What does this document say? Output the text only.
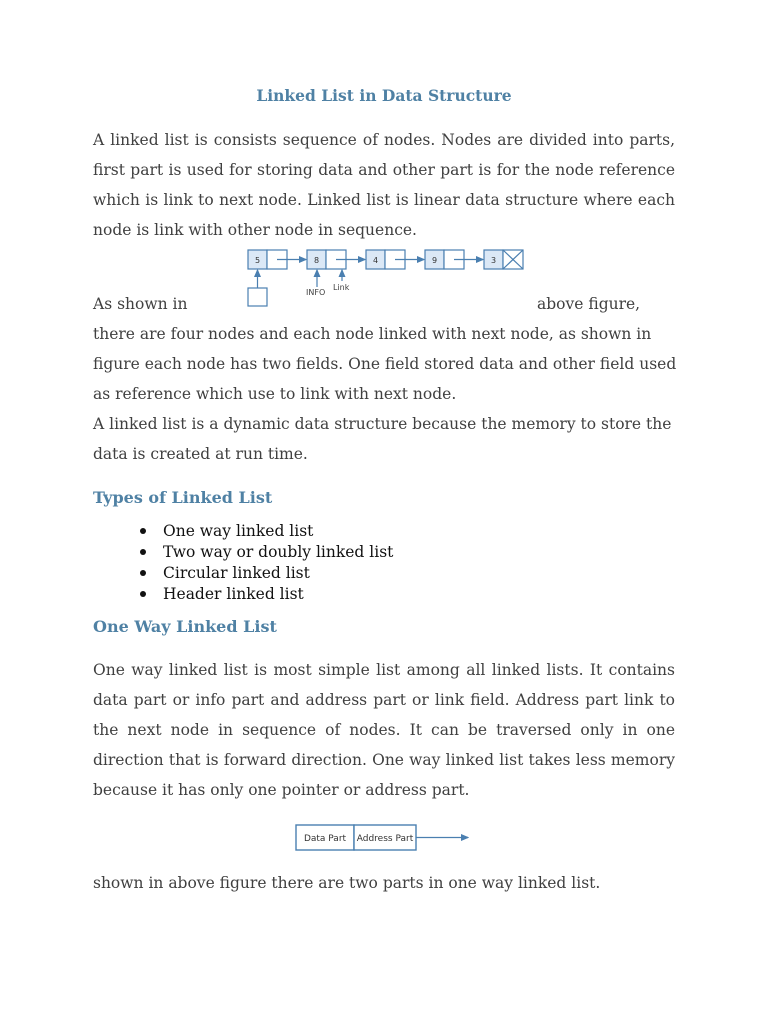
Linked List in Data Structure

A linked list is consists sequence of nodes. Nodes are divided into parts, first part is used for storing data and other part is for the node reference which is link to next node. Linked list is linear data structure where each node is link with other node in sequence.

5	8	4	9	3
INFO
Link
As shown in	above figure,
there are four nodes and each node linked with next node, as shown in
figure each node has two fields. One field stored data and other field used
as reference which use to link with next node.

A linked list is a dynamic data structure because the memory to store the data is created at run time.

Types of Linked List
One way linked list
Two way or doubly linked list
Circular linked list
Header linked list
One Way Linked List

One way linked list is most simple list among all linked lists. It contains data part or info part and address part or link field. Address part link to the next node in sequence of nodes. It can be traversed only in one direction that is forward direction. One way linked list takes less memory because it has only one pointer or address part.

Data Part Address Part
shown in above figure there are two parts in one way linked list.
